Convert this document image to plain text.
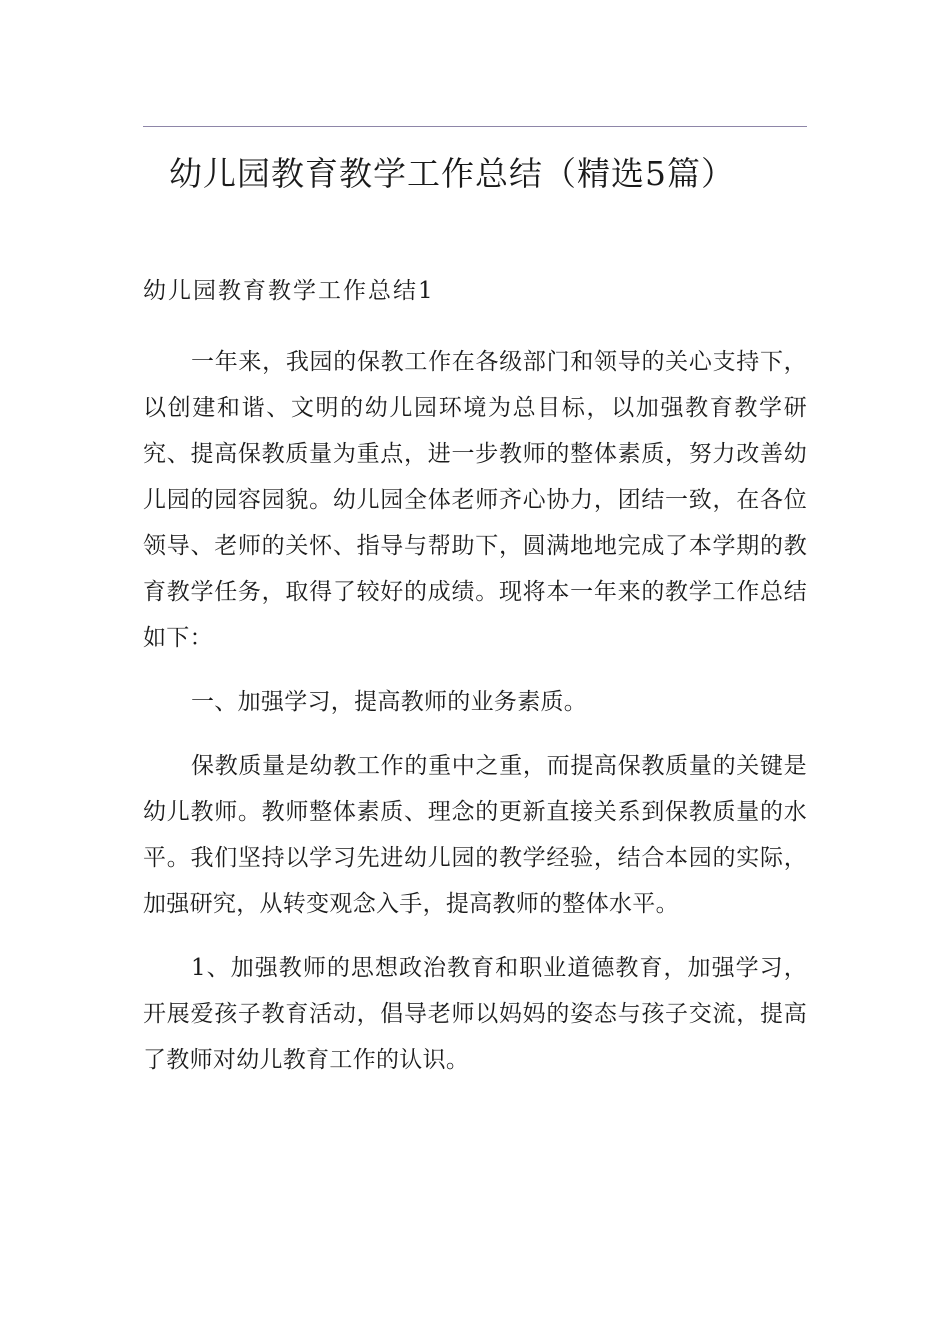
幼儿园教育教学工作总结（精选5篇）
幼儿园教育教学工作总结1

一年来，我园的保教工作在各级部门和领导的关心支持下，以创建和谐、文明的幼儿园环境为总目标，以加强教育教学研究、提高保教质量为重点，进一步教师的整体素质，努力改善幼儿园的园容园貌。幼儿园全体老师齐心协力，团结一致，在各位领导、老师的关怀、指导与帮助下，圆满地地完成了本学期的教育教学任务，取得了较好的成绩。现将本一年来的教学工作总结如下：

一、加强学习，提高教师的业务素质。

保教质量是幼教工作的重中之重，而提高保教质量的关键是幼儿教师。教师整体素质、理念的更新直接关系到保教质量的水平。我们坚持以学习先进幼儿园的教学经验，结合本园的实际，加强研究，从转变观念入手，提高教师的整体水平。

1、加强教师的思想政治教育和职业道德教育，加强学习，开展爱孩子教育活动，倡导老师以妈妈的姿态与孩子交流，提高了教师对幼儿教育工作的认识。
